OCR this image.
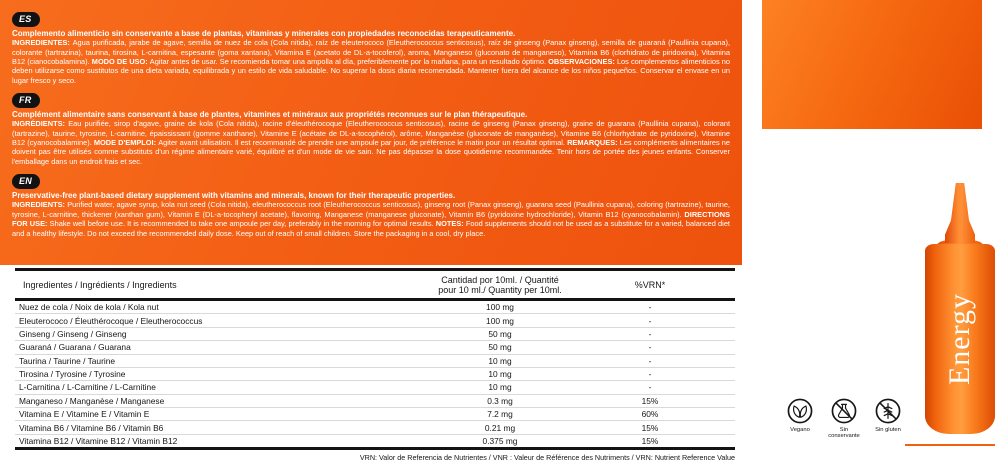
ES
Complemento alimenticio sin conservante a base de plantas, vitaminas y minerales con propiedades reconocidas terapeuticamente.
INGREDIENTES: Agua purificada, jarabe de agave, semilla de nuez de cola (Cola nitida), raíz de eleuterococo (Eleutherococcus senticosus), raíz de ginseng (Panax ginseng), semilla de guaraná (Paullinia cupana), colorante (tartrazina), taurina, tirosina, L-carnitina, espesante (goma xantana), Vitamina E (acetato de DL-a-tocoferol), aroma, Manganeso (gluconato de manganeso), Vitamina B6 (clorhidrato de piridoxina), Vitamina B12 (cianocobalamina). MODO DE USO: Agitar antes de usar. Se recomienda tomar una ampolla al día, preferiblemente por la mañana, para un resultado óptimo. OBSERVACIONES: Los complementos alimenticios no deben utilizarse como sustitutos de una dieta variada, equilibrada y un estilo de vida saludable. No superar la dosis diaria recomendada. Mantener fuera del alcance de los niños pequeños. Conservar el envase en un lugar fresco y seco.
FR
Complément alimentaire sans conservant à base de plantes, vitamines et minéraux aux propriétés reconnues sur le plan thérapeutique.
INGRÉDIENTS: Eau purifiée, sirop d'agave, graine de kola (Cola nitida), racine d'éleuthérocoque (Eleutherococcus senticosus), racine de ginseng (Panax ginseng), graine de guarana (Paullinia cupana), colorant (tartrazine), taurine, tyrosine, L-carnitine, épaississant (gomme xanthane), Vitamine E (acétate de DL-a-tocophérol), arôme, Manganèse (gluconate de manganèse), Vitamine B6 (chlorhydrate de pyridoxine), Vitamine B12 (cyanocobalamine). MODE D'EMPLOI: Agiter avant utilisation. Il est recommandé de prendre une ampoule par jour, de préférence le matin pour un résultat optimal. REMARQUES: Les compléments alimentaires ne doivent pas être utilisés comme substituts d'un régime alimentaire varié, équilibré et d'un mode de vie sain. Ne pas dépasser la dose quotidienne recommandée. Tenir hors de portée des jeunes enfants. Conserver l'emballage dans un endroit frais et sec.
EN
Preservative-free plant-based dietary supplement with vitamins and minerals, known for their therapeutic properties.
INGREDIENTS: Purified water, agave syrup, kola nut seed (Cola nitida), eleutherococcus root (Eleutherococcus senticosus), ginseng root (Panax ginseng), guarana seed (Paullinia cupana), coloring (tartrazine), taurine, tyrosine, L-carnitine, thickener (xanthan gum), Vitamin E (DL-a-tocopheryl acetate), flavoring, Manganese (manganese gluconate), Vitamin B6 (pyridoxine hydrochloride), Vitamin B12 (cyanocobalamin). DIRECTIONS FOR USE: Shake well before use. It is recommended to take one ampoule per day, preferably in the morning for optimal results. NOTES: Food supplements should not be used as a substitute for a varied, balanced diet and a healthy lifestyle. Do not exceed the recommended daily dose. Keep out of reach of small children. Store the packaging in a cool, dry place.
Ingredientes / Ingrédients / Ingredients	Cantidad por 10ml. / Quantité pour 10 ml./ Quantity per 10ml.	%VRN*
Nuez de cola / Noix de kola / Kola nut	100 mg	-
Eleuterococo / Éleuthérocoque / Eleutherococcus	100 mg	-
Ginseng / Ginseng / Ginseng	50 mg	-
Guaraná / Guarana / Guarana	50 mg	-
Taurina / Taurine / Taurine	10 mg	-
Tirosina / Tyrosine / Tyrosine	10 mg	-
L-Carnitina / L-Carnitine / L-Carnitine	10 mg	-
Manganeso / Manganèse / Manganese	0.3 mg	15%
Vitamina E / Vitamine E / Vitamin E	7.2 mg	60%
Vitamina B6 / Vitamine B6 / Vitamin B6	0.21 mg	15%
Vitamina B12 / Vitamine B12 / Vitamin B12	0.375 mg	15%
VRN: Valor de Referencia de Nutrientes / VNR : Valeur de Référence des Nutriments / VRN: Nutrient Reference Value
Vegano	Sin conservante
Sin gluten
Energy
